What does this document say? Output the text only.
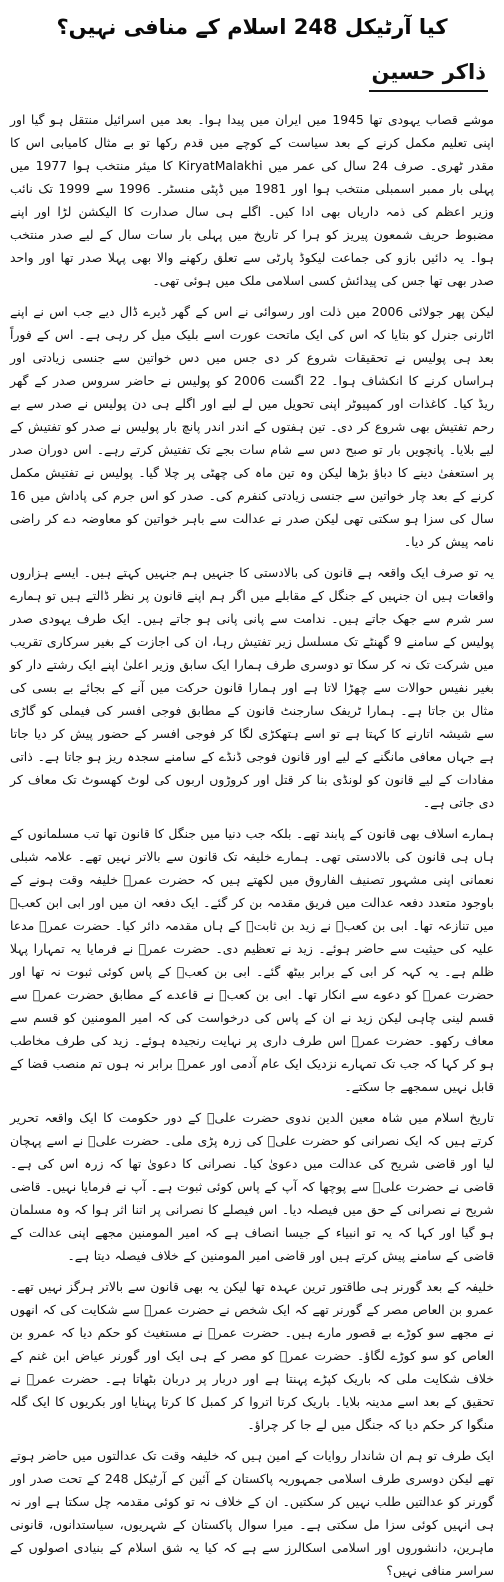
کیا آرٹیکل 248 اسلام کے منافی نہیں؟
ذاکر حسین

موشے قصاب یہودی تھا 1945 میں ایران میں پیدا ہوا۔ بعد میں اسرائیل منتقل ہو گیا اور اپنی تعلیم مکمل کرنے کے بعد سیاست کے کوچے میں قدم رکھا تو بے مثال کامیابی اس کا مقدر ٹھری۔ صرف 24 سال کی عمر میں KiryatMalakhi کا میئر منتخب ہوا 1977 میں پہلی بار ممبر اسمبلی منتخب ہوا اور 1981 میں ڈپٹی منسٹر۔ 1996 سے 1999 تک نائب وزیر اعظم کی ذمہ داریاں بھی ادا کیں۔ اگلے ہی سال صدارت کا الیکشن لڑا اور اپنے مضبوط حریف شمعون پیریز کو ہرا کر تاریخ میں پہلی بار سات سال کے لیے صدر منتخب ہوا۔ یہ دائیں بازو کی جماعت لیکوڈ پارٹی سے تعلق رکھنے والا بھی پہلا صدر تھا اور واحد صدر بھی تھا جس کی پیدائش کسی اسلامی ملک میں ہوئی تھی۔

لیکن پھر جولائی 2006 میں ذلت اور رسوائی نے اس کے گھر ڈیرے ڈال دیے جب اس نے اپنے اٹارنی جنرل کو بتایا کہ اس کی ایک ماتحت عورت اسے بلیک میل کر رہی ہے۔ اس کے فوراً بعد ہی پولیس نے تحقیقات شروع کر دی جس میں دس خواتین سے جنسی زیادتی اور ہراساں کرنے کا انکشاف ہوا۔ 22 اگست 2006 کو پولیس نے حاضر سروس صدر کے گھر ریڈ کیا۔ کاغذات اور کمپیوٹر اپنی تحویل میں لے لیے اور اگلے ہی دن پولیس نے صدر سے بے رحم تفتیش بھی شروع کر دی۔ تین ہفتوں کے اندر اندر پانچ بار پولیس نے صدر کو تفتیش کے لیے بلایا۔ پانچویں بار تو صبح دس سے شام سات بجے تک تفتیش کرتے رہے۔ اس دوران صدر پر استعفیٰ دینے کا دباؤ بڑھا لیکن وہ تین ماہ کی چھٹی پر چلا گیا۔ پولیس نے تفتیش مکمل کرنے کے بعد چار خواتین سے جنسی زیادتی کنفرم کی۔ صدر کو اس جرم کی پاداش میں 16 سال کی سزا ہو سکتی تھی لیکن صدر نے عدالت سے باہر خواتین کو معاوضہ دے کر راضی نامہ پیش کر دیا۔

یہ تو صرف ایک واقعہ ہے قانون کی بالادستی کا جنہیں ہم جنہیں کہتے ہیں۔ ایسے ہزاروں واقعات ہیں ان جنہیں کے جنگل کے مقابلے میں اگر ہم اپنے قانون پر نظر ڈالتے ہیں تو ہمارے سر شرم سے جھک جاتے ہیں۔ ندامت سے پانی پانی ہو جاتے ہیں۔ ایک طرف یہودی صدر پولیس کے سامنے 9 گھنٹے تک مسلسل زیر تفتیش رہا، ان کی اجازت کے بغیر سرکاری تقریب میں شرکت تک نہ کر سکا تو دوسری طرف ہمارا ایک سابق وزیر اعلیٰ اپنے ایک رشتے دار کو بغیر نفیس حوالات سے چھڑا لاتا ہے اور ہمارا قانون حرکت میں آنے کے بجائے بے بسی کی مثال بن جاتا ہے۔ ہمارا ٹریفک سارجنٹ قانون کے مطابق فوجی افسر کی فیملی کو گاڑی سے شیشہ اتارنے کا کہتا ہے تو اسے ہتھکڑی لگا کر فوجی افسر کے حضور پیش کر دیا جاتا ہے جہاں معافی مانگنے کے لیے اور قانون فوجی ڈنڈے کے سامنے سجدہ ریز ہو جاتا ہے۔ ذاتی مفادات کے لیے قانون کو لونڈی بنا کر قتل اور کروڑوں اربوں کی لوٹ کھسوٹ تک معاف کر دی جاتی ہے۔

ہمارے اسلاف بھی قانون کے پابند تھے۔ بلکہ جب دنیا میں جنگل کا قانون تھا تب مسلمانوں کے ہاں ہی قانون کی بالادستی تھی۔ ہمارے خلیفہ تک قانون سے بالاتر نہیں تھے۔ علامہ شبلی نعمانی اپنی مشہور تصنیف الفاروق میں لکھتے ہیں کہ حضرت عمرؓ خلیفہ وقت ہونے کے باوجود متعدد دفعہ عدالت میں فریق مقدمہ بن کر گئے۔ ایک دفعہ ان میں اور ابی ابن کعبؓ میں تنازعہ تھا۔ ابی بن کعبؓ نے زید بن ثابتؓ کے ہاں مقدمہ دائر کیا۔ حضرت عمرؓ مدعا علیہ کی حیثیت سے حاضر ہوئے۔ زید نے تعظیم دی۔ حضرت عمرؓ نے فرمایا یہ تمہارا پہلا ظلم ہے۔ یہ کہہ کر ابی کے برابر بیٹھ گئے۔ ابی بن کعبؓ کے پاس کوئی ثبوت نہ تھا اور حضرت عمرؓ کو دعوے سے انکار تھا۔ ابی بن کعبؓ نے قاعدے کے مطابق حضرت عمرؓ سے قسم لینی چاہی لیکن زید نے ان کے پاس کی درخواست کی کہ امیر المومنین کو قسم سے معاف رکھو۔ حضرت عمرؓ اس طرف داری پر نہایت رنجیدہ ہوئے۔ زید کی طرف مخاطب ہو کر کہا کہ جب تک تمہارے نزدیک ایک عام آدمی اور عمرؓ برابر نہ ہوں تم منصب قضا کے قابل نہیں سمجھے جا سکتے۔

تاریخ اسلام میں شاہ معین الدین ندوی حضرت علیؓ کے دور حکومت کا ایک واقعہ تحریر کرتے ہیں کہ ایک نصرانی کو حضرت علیؓ کی زرہ پڑی ملی۔ حضرت علیؓ نے اسے پہچان لیا اور قاضی شریح کی عدالت میں دعویٰ کیا۔ نصرانی کا دعویٰ تھا کہ زرہ اس کی ہے۔ قاضی نے حضرت علیؓ سے پوچھا کہ آپ کے پاس کوئی ثبوت ہے۔ آپ نے فرمایا نہیں۔ قاضی شریح نے نصرانی کے حق میں فیصلہ دیا۔ اس فیصلے کا نصرانی پر اتنا اثر ہوا کہ وہ مسلمان ہو گیا اور کہا کہ یہ تو انبیاء کے جیسا انصاف ہے کہ امیر المومنین مجھے اپنی عدالت کے قاضی کے سامنے پیش کرتے ہیں اور قاضی امیر المومنین کے خلاف فیصلہ دیتا ہے۔

خلیفہ کے بعد گورنر ہی طاقتور ترین عہدہ تھا لیکن یہ بھی قانون سے بالاتر ہرگز نہیں تھے۔ عمرو بن العاص مصر کے گورنر تھے کہ ایک شخص نے حضرت عمرؓ سے شکایت کی کہ انھوں نے مجھے سو کوڑے بے قصور مارے ہیں۔ حضرت عمرؓ نے مستغیث کو حکم دیا کہ عمرو بن العاص کو سو کوڑے لگاؤ۔ حضرت عمرؓ کو مصر کے ہی ایک اور گورنر عیاض ابن غنم کے خلاف شکایت ملی کہ باریک کپڑے پہنتا ہے اور دربار پر دربان بٹھاتا ہے۔ حضرت عمرؓ نے تحقیق کے بعد اسے مدینہ بلایا۔ باریک کرتا اتروا کر کمبل کا کرتا پہنایا اور بکریوں کا ایک گلہ منگوا کر حکم دیا کہ جنگل میں لے جا کر چراؤ۔

ایک طرف تو ہم ان شاندار روایات کے امین ہیں کہ خلیفہ وقت تک عدالتوں میں حاضر ہوتے تھے لیکن دوسری طرف اسلامی جمہوریہ پاکستان کے آئین کے آرٹیکل 248 کے تحت صدر اور گورنر کو عدالتیں طلب نہیں کر سکتیں۔ ان کے خلاف نہ تو کوئی مقدمہ چل سکتا ہے اور نہ ہی انہیں کوئی سزا مل سکتی ہے۔ میرا سوال پاکستان کے شہریوں، سیاستدانوں، قانونی ماہرین، دانشوروں اور اسلامی اسکالرز سے ہے کہ کیا یہ شق اسلام کے بنیادی اصولوں کے سراسر منافی نہیں؟
